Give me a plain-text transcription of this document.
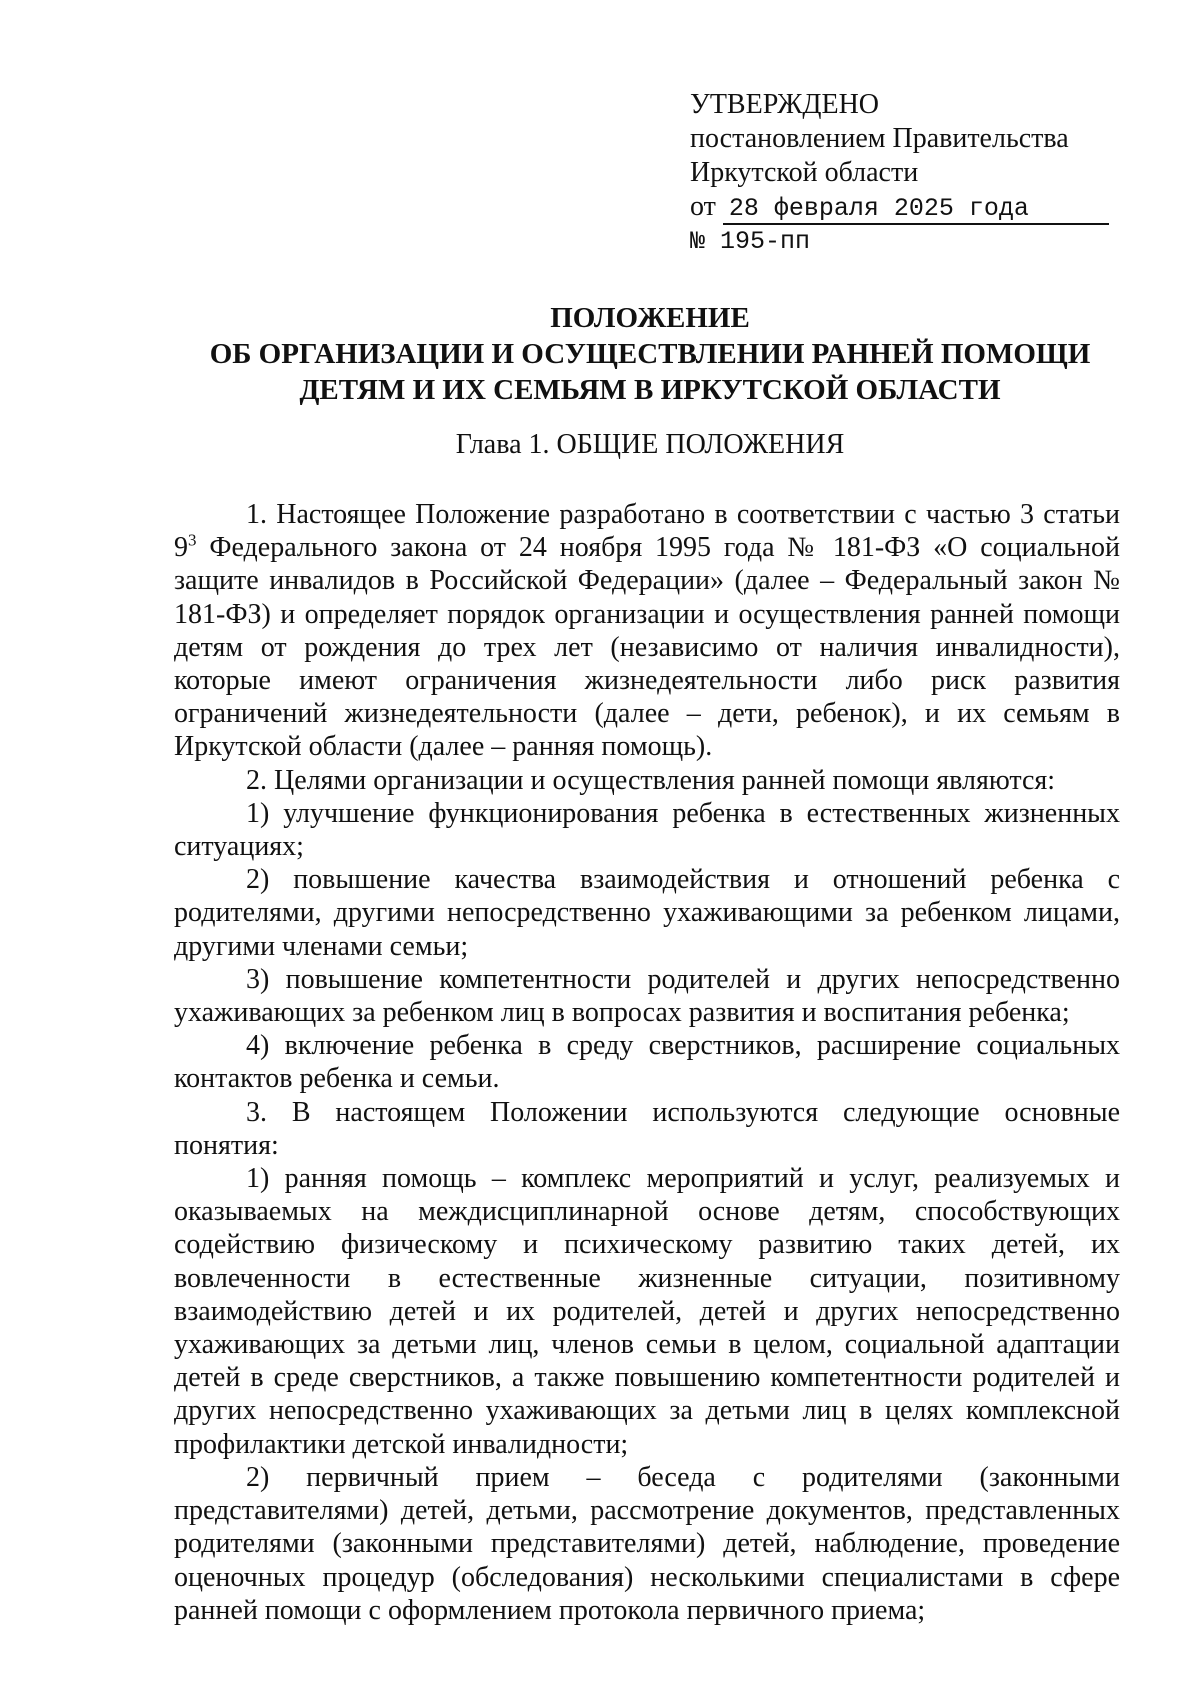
УТВЕРЖДЕНО
постановлением Правительства
Иркутской области
от 28 февраля 2025 года
№ 195-пп
ПОЛОЖЕНИЕ
ОБ ОРГАНИЗАЦИИ И ОСУЩЕСТВЛЕНИИ РАННЕЙ ПОМОЩИ
ДЕТЯМ И ИХ СЕМЬЯМ В ИРКУТСКОЙ ОБЛАСТИ
Глава 1. ОБЩИЕ ПОЛОЖЕНИЯ

1. Настоящее Положение разработано в соответствии с частью 3 статьи $9^3$ Федерального закона от 24 ноября 1995 года № 181-ФЗ «О социальной защите инвалидов в Российской Федерации» (далее – Федеральный закон № 181-ФЗ) и определяет порядок организации и осуществления ранней помощи детям от рождения до трех лет (независимо от наличия инвалидности), которые имеют ограничения жизнедеятельности либо риск развития ограничений жизнедеятельности (далее – дети, ребенок), и их семьям в Иркутской области (далее – ранняя помощь).

2. Целями организации и осуществления ранней помощи являются:

1) улучшение функционирования ребенка в естественных жизненных ситуациях;

2) повышение качества взаимодействия и отношений ребенка с родителями, другими непосредственно ухаживающими за ребенком лицами, другими членами семьи;

3) повышение компетентности родителей и других непосредственно ухаживающих за ребенком лиц в вопросах развития и воспитания ребенка;

4) включение ребенка в среду сверстников, расширение социальных контактов ребенка и семьи.

3. В настоящем Положении используются следующие основные понятия:

1) ранняя помощь – комплекс мероприятий и услуг, реализуемых и оказываемых на междисциплинарной основе детям, способствующих содействию физическому и психическому развитию таких детей, их вовлеченности в естественные жизненные ситуации, позитивному взаимодействию детей и их родителей, детей и других непосредственно ухаживающих за детьми лиц, членов семьи в целом, социальной адаптации детей в среде сверстников, а также повышению компетентности родителей и других непосредственно ухаживающих за детьми лиц в целях комплексной профилактики детской инвалидности;

2) первичный прием – беседа с родителями (законными представителями) детей, детьми, рассмотрение документов, представленных родителями (законными представителями) детей, наблюдение, проведение оценочных процедур (обследования) несколькими специалистами в сфере ранней помощи с оформлением протокола первичного приема;
